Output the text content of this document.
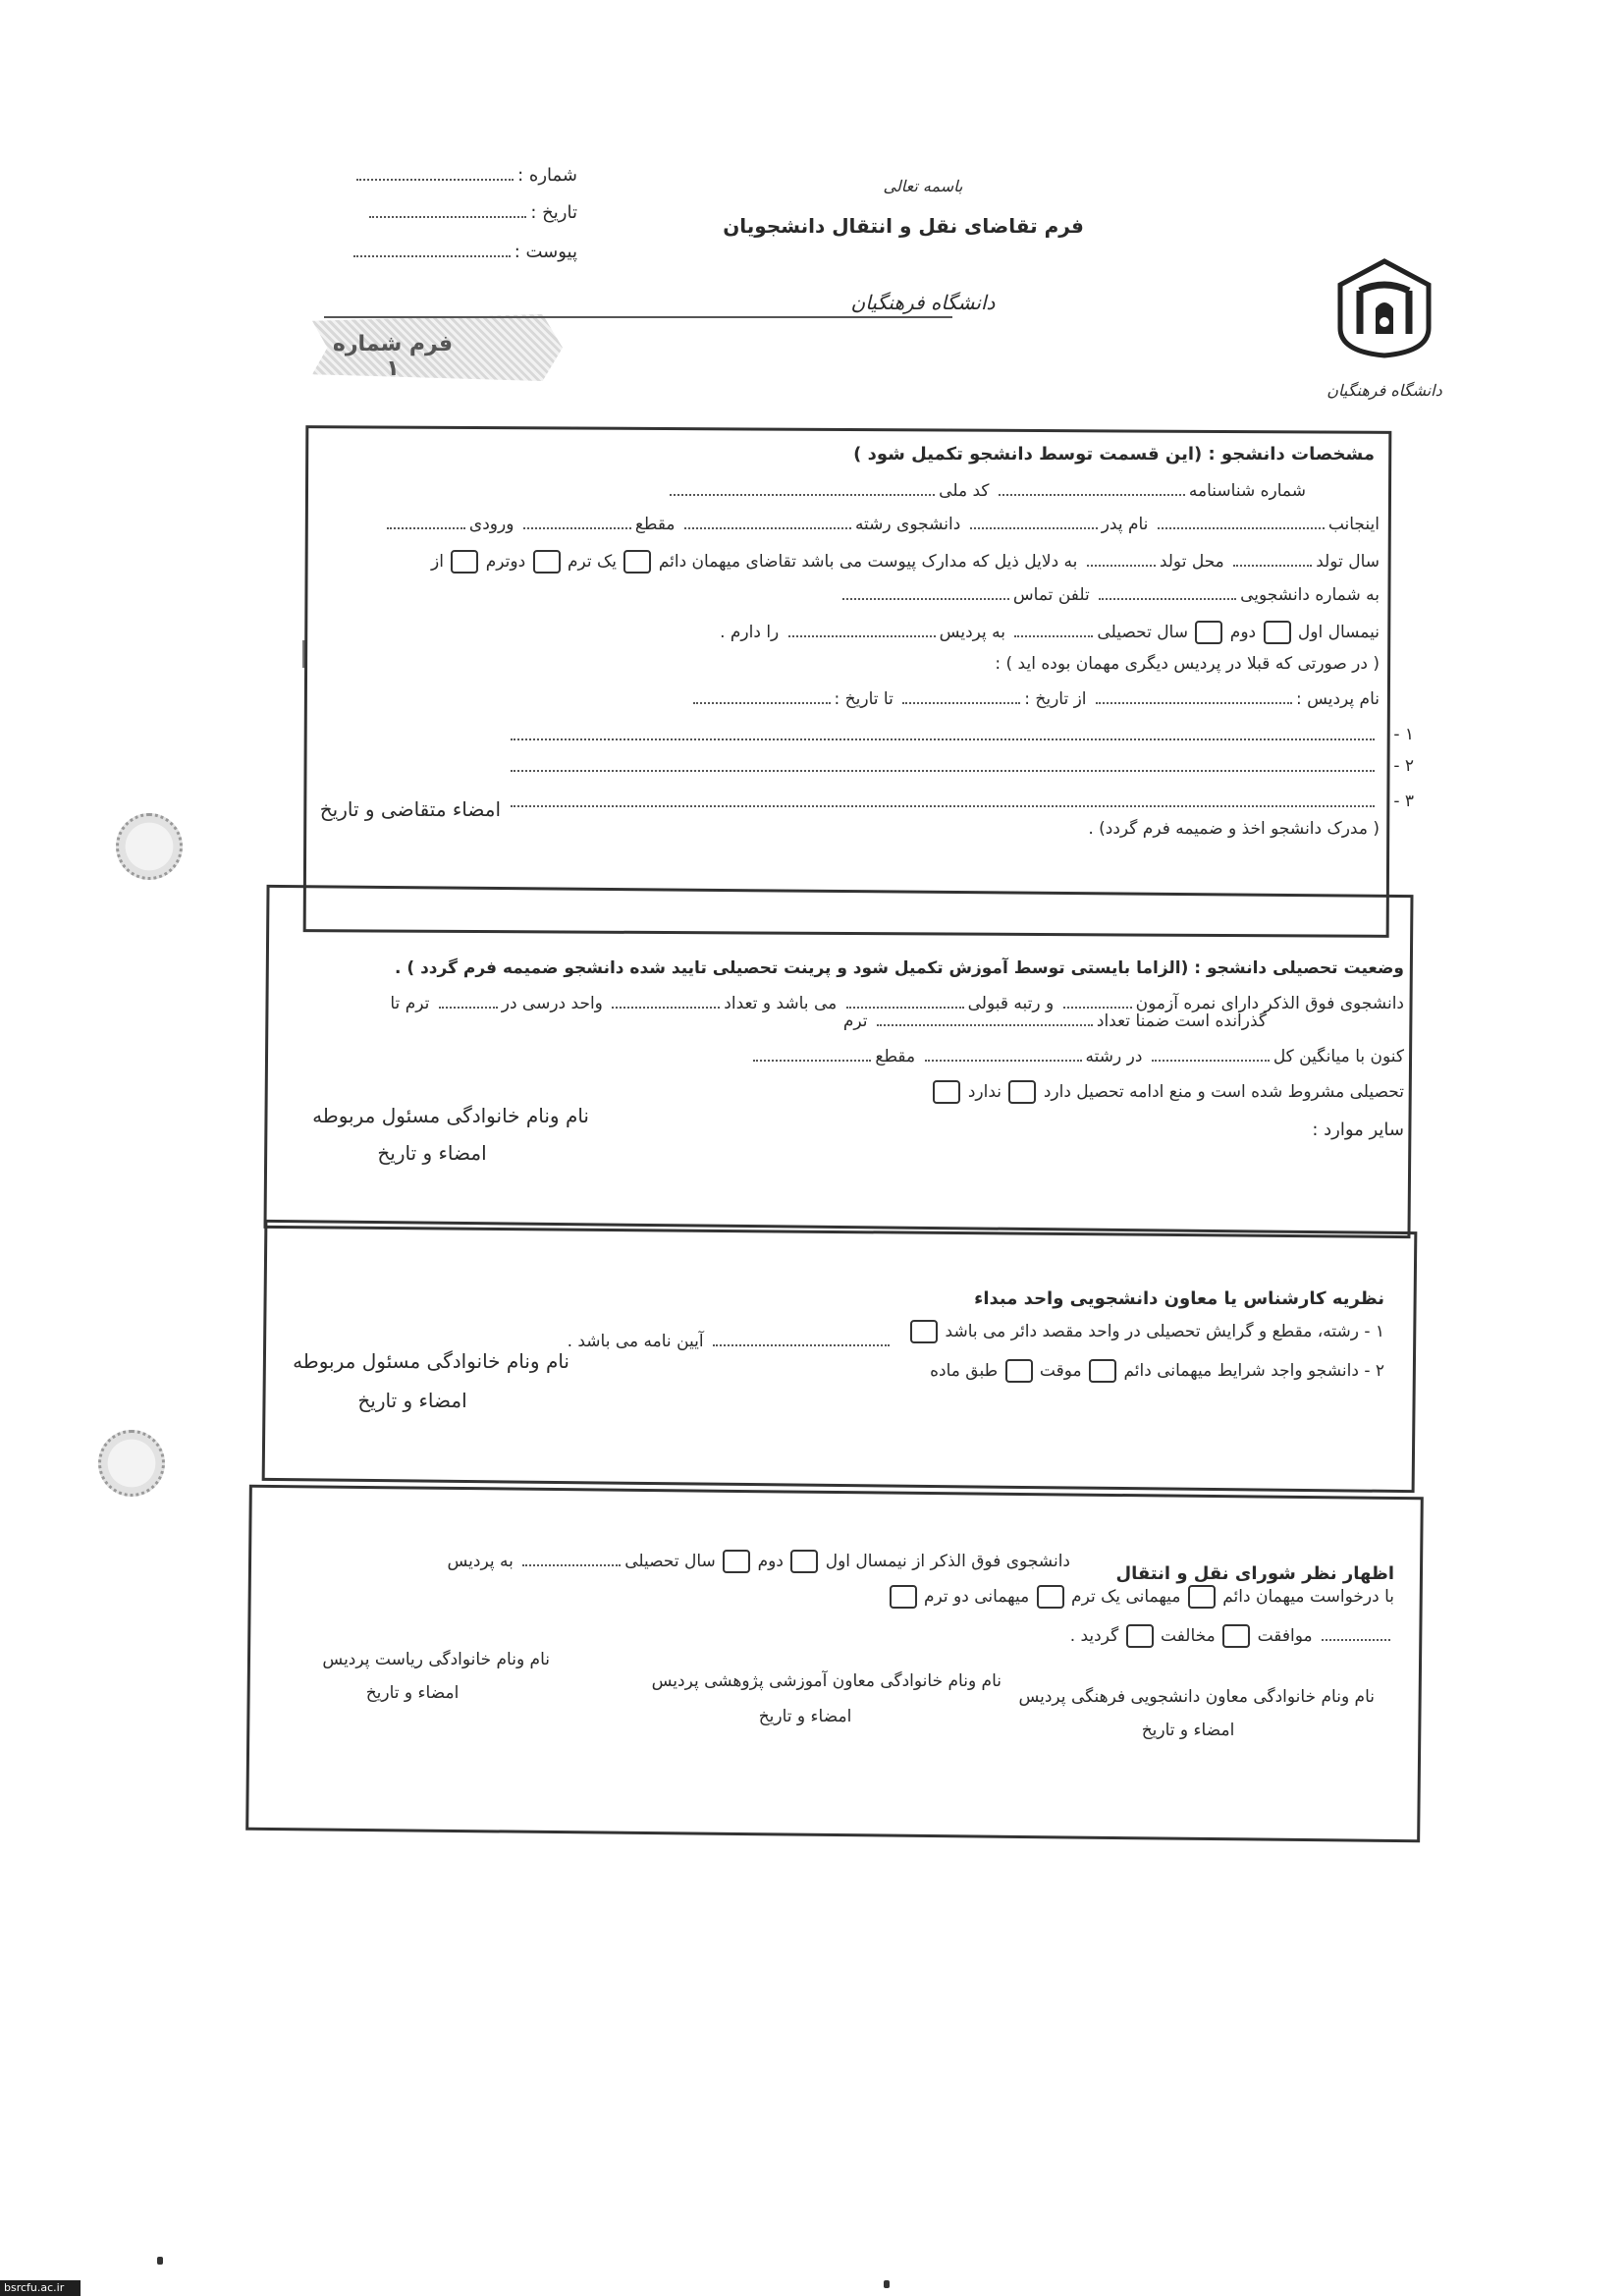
شماره :
تاریخ :
پیوست :
باسمه تعالی
فرم تقاضای نقل و انتقال دانشجویان
دانشگاه فرهنگیان
فرم شماره ۱
دانشگاه فرهنگیان
مشخصات دانشجو : (این قسمت توسط دانشجو تکمیل شود )
شماره شناسنامه کد ملی
اینجانب نام پدر دانشجوی رشته مقطع ورودی
سال تولد محل تولد به دلایل ذیل که مدارک پیوست می باشد تقاضای میهمان دائم  یک ترم  دوترم  از
به شماره دانشجویی تلفن تماس
نیمسال اول  دوم  سال تحصیلی به پردیس را دارم .
( در صورتی که قبلا در پردیس دیگری مهمان بوده اید ) :
نام پردیس : از تاریخ : تا تاریخ :
۱ -
۲ -
۳ -
امضاء متقاضی و تاریخ
( مدرک دانشجو اخذ و ضمیمه فرم گردد) .
وضعیت تحصیلی دانشجو : (الزاما بایستی توسط آموزش تکمیل شود و پرینت تحصیلی تایید شده دانشجو ضمیمه فرم گردد ) .
دانشجوی فوق الذکر دارای نمره آزمون و رتبه قبولی می باشد و تعداد واحد درسی در ترم تا
گذرانده است ضمنا تعداد ترم
کنون با میانگین کل در رشته مقطع
تحصیلی مشروط شده است و منع ادامه تحصیل دارد  ندارد
سایر موارد :
نام ونام خانوادگی مسئول مربوطه
امضاء و تاریخ
نظریه کارشناس یا معاون دانشجویی واحد مبداء
۱ - رشته، مقطع و گرایش تحصیلی در واحد مقصد دائر می باشد
۲ - دانشجو واجد شرایط میهمانی دائم  موقت  طبق ماده
آیین نامه می باشد .
نام ونام خانوادگی مسئول مربوطه
امضاء و تاریخ
اظهار نظر شورای نقل و انتقال
دانشجوی فوق الذکر از نیمسال اول  دوم  سال تحصیلی به پردیس
با درخواست میهمان دائم  میهمانی یک ترم  میهمانی دو ترم
موافقت  مخالفت  گردید .
نام ونام خانوادگی معاون دانشجویی فرهنگی پردیس
امضاء و تاریخ
نام ونام خانوادگی معاون آموزشی پژوهشی پردیس
امضاء و تاریخ
نام ونام خانوادگی ریاست پردیس
امضاء و تاریخ
bsrcfu.ac.ir
